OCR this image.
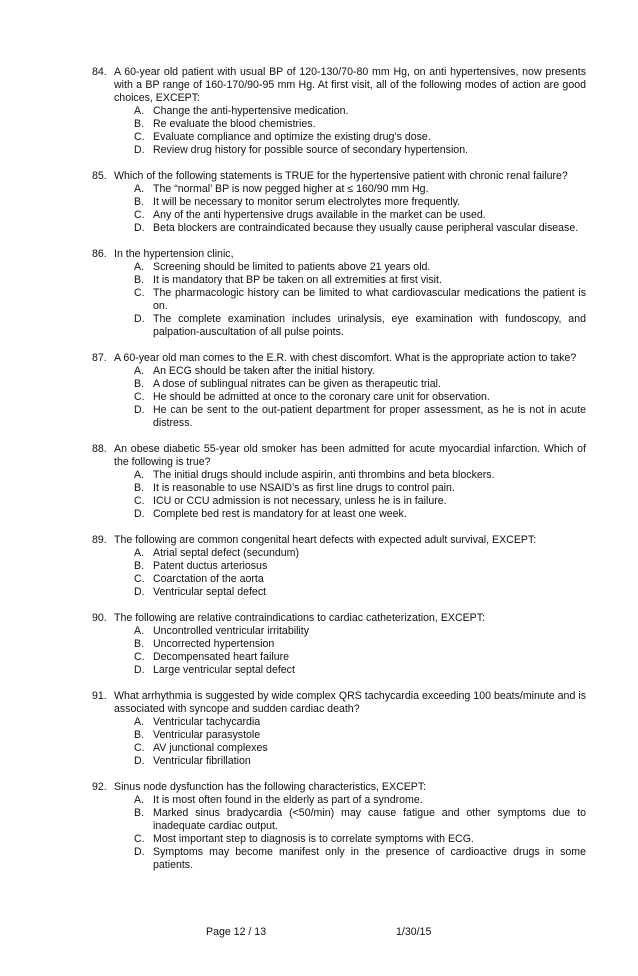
84. A 60-year old patient with usual BP of 120-130/70-80 mm Hg, on anti hypertensives, now presents with a BP range of 160-170/90-95 mm Hg. At first visit, all of the following modes of action are good choices, EXCEPT:
A. Change the anti-hypertensive medication.
B. Re evaluate the blood chemistries.
C. Evaluate compliance and optimize the existing drug’s dose.
D. Review drug history for possible source of secondary hypertension.
85. Which of the following statements is TRUE for the hypertensive patient with chronic renal failure?
A. The “normal’ BP is now pegged higher at ≤ 160/90 mm Hg.
B. It will be necessary to monitor serum electrolytes more frequently.
C. Any of the anti hypertensive drugs available in the market can be used.
D. Beta blockers are contraindicated because they usually cause peripheral vascular disease.
86. In the hypertension clinic,
A. Screening should be limited to patients above 21 years old.
B. It is mandatory that BP be taken on all extremities at first visit.
C. The pharmacologic history can be limited to what cardiovascular medications the patient is on.
D. The complete examination includes urinalysis, eye examination with fundoscopy, and palpation-auscultation of all pulse points.
87. A 60-year old man comes to the E.R. with chest discomfort. What is the appropriate action to take?
A. An ECG should be taken after the initial history.
B. A dose of sublingual nitrates can be given as therapeutic trial.
C. He should be admitted at once to the coronary care unit for observation.
D. He can be sent to the out-patient department for proper assessment, as he is not in acute distress.
88. An obese diabetic 55-year old smoker has been admitted for acute myocardial infarction. Which of the following is true?
A. The initial drugs should include aspirin, anti thrombins and beta blockers.
B. It is reasonable to use NSAID’s as first line drugs to control pain.
C. ICU or CCU admission is not necessary, unless he is in failure.
D. Complete bed rest is mandatory for at least one week.
89. The following are common congenital heart defects with expected adult survival, EXCEPT:
A. Atrial septal defect (secundum)
B. Patent ductus arteriosus
C. Coarctation of the aorta
D. Ventricular septal defect
90. The following are relative contraindications to cardiac catheterization, EXCEPT:
A. Uncontrolled ventricular irritability
B. Uncorrected hypertension
C. Decompensated heart failure
D. Large ventricular septal defect
91. What arrhythmia is suggested by wide complex QRS tachycardia exceeding 100 beats/minute and is associated with syncope and sudden cardiac death?
A. Ventricular tachycardia
B. Ventricular parasystole
C. AV junctional complexes
D. Ventricular fibrillation
92. Sinus node dysfunction has the following characteristics, EXCEPT:
A. It is most often found in the elderly as part of a syndrome.
B. Marked sinus bradycardia (<50/min) may cause fatigue and other symptoms due to inadequate cardiac output.
C. Most important step to diagnosis is to correlate symptoms with ECG.
D. Symptoms may become manifest only in the presence of cardioactive drugs in some patients.
Page 12 / 13	1/30/15
